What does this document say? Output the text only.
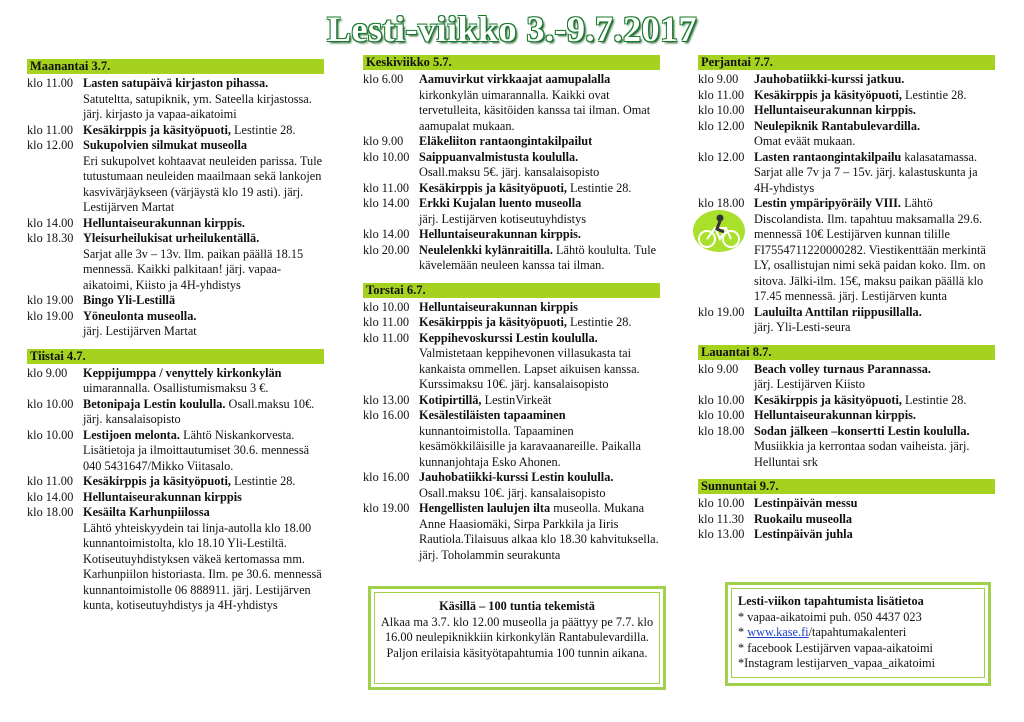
Lesti-viikko 3.-9.7.2017
Maanantai 3.7.
klo 11.00 Lasten satupäivä kirjaston pihassa.
Satuteltta, satupiknik, ym. Sateella kirjastossa. järj. kirjasto ja vapaa-aikatoimi
klo 11.00 Kesäkirppis ja käsityöpuoti, Lestintie 28.
klo 12.00 Sukupolvien silmukat museolla
Eri sukupolvet kohtaavat neuleiden parissa. Tule tutustumaan neuleiden maailmaan sekä lankojen kasvivärjäykseen (värjäystä klo 19 asti). järj. Lestijärven Martat
klo 14.00 Helluntaiseurakunnan kirppis.
klo 18.30 Yleisurheilukisat urheilukentällä.
Sarjat alle 3v – 13v. Ilm. paikan päällä 18.15 mennessä. Kaikki palkitaan! järj. vapaa-aikatoimi, Kiisto ja 4H-yhdistys
klo 19.00 Bingo Yli-Lestillä
klo 19.00 Yöneulonta museolla.
järj. Lestijärven Martat
Tiistai 4.7.
klo 9.00	Keppijumppa / venyttely kirkonkylän
uimarannalla. Osallistumismaksu 3 €.
klo 10.00 Betonipaja Lestin koululla. Osall.maksu 10€. järj. kansalaisopisto
klo 10.00 Lestijoen melonta. Lähtö Niskankorvesta. Lisätietoja ja ilmoittautumiset 30.6. mennessä 040 5431647/Mikko Viitasalo.
klo 11.00 Kesäkirppis ja käsityöpuoti, Lestintie 28.
klo 14.00 Helluntaiseurakunnan kirppis
klo 18.00 Kesäilta Karhunpiilossa
Lähtö yhteiskyydein tai linja-autolla klo 18.00 kunnantoimistolta, klo 18.10 Yli-Lestiltä. Kotiseutuyhdistyksen väkeä kertomassa mm. Karhunpiilon historiasta. Ilm. pe 30.6. mennessä kunnantoimistolle 06 888911. järj. Lestijärven kunta, kotiseutuyhdistys ja 4H-yhdistys
Keskiviikko 5.7.
klo 6.00	Aamuvirkut virkkaajat aamupalalla
kirkonkylän uimarannalla. Kaikki ovat tervetulleita, käsitöiden kanssa tai ilman. Omat aamupalat mukaan.
klo 9.00	Eläkeliiton rantaongintakilpailut
klo 10.00 Saippuanvalmistusta koululla.
Osall.maksu 5€. järj. kansalaisopisto
klo 11.00 Kesäkirppis ja käsityöpuoti, Lestintie 28.
klo 14.00 Erkki Kujalan luento museolla
järj. Lestijärven kotiseutuyhdistys
klo 14.00 Helluntaiseurakunnan kirppis.
klo 20.00 Neulelenkki kylänraitilla. Lähtö koululta. Tule kävelemään neuleen kanssa tai ilman.
Torstai 6.7.
klo 10.00 Helluntaiseurakunnan kirppis
klo 11.00 Kesäkirppis ja käsityöpuoti, Lestintie 28.
klo 11.00 Keppihevoskurssi Lestin koululla.
Valmistetaan keppihevonen villasukasta tai kankaista ommellen. Lapset aikuisen kanssa. Kurssimaksu 10€. järj. kansalaisopisto
klo 13.00 Kotipirtillä, LestinVirkeät
klo 16.00 Kesälestiläisten tapaaminen kunnantoimistolla. Tapaaminen kesämökkiläisille ja karavaanareille. Paikalla kunnanjohtaja Esko Ahonen.
klo 16.00 Jauhobatiikki-kurssi Lestin koululla.
Osall.maksu 10€. järj. kansalaisopisto
klo 19.00 Hengellisten laulujen ilta museolla. Mukana Anne Haasiomäki, Sirpa Parkkila ja Iiris Rautiola.Tilaisuus alkaa klo 18.30 kahvituksella. järj. Toholammin seurakunta
Perjantai 7.7.
klo 9.00	Jauhobatiikki-kurssi jatkuu.
klo 11.00 Kesäkirppis ja käsityöpuoti, Lestintie 28.
klo 10.00 Helluntaiseurakunnan kirppis.
klo 12.00 Neulepiknik Rantabulevardilla.
Omat eväät mukaan.
klo 12.00 Lasten rantaongintakilpailu kalasatamassa. Sarjat alle 7v ja 7 – 15v. järj. kalastuskunta ja 4H-yhdistys
klo 18.00 Lestin ympäripyöräily VIII. Lähtö Discolandista. Ilm. tapahtuu maksamalla 29.6. mennessä 10€ Lestijärven kunnan tilille FI7554711220000282. Viestikenttään merkintä LY, osallistujan nimi sekä paidan koko. Ilm. on sitova. Jälki-ilm. 15€, maksu paikan päällä klo 17.45 mennessä. järj. Lestijärven kunta
klo 19.00 Lauluilta Anttilan riippusillalla.
järj. Yli-Lesti-seura
Lauantai 8.7.
klo 9.00	Beach volley turnaus Parannassa.
järj. Lestijärven Kiisto
klo 10.00 Kesäkirppis ja käsityöpuoti, Lestintie 28.
klo 10.00 Helluntaiseurakunnan kirppis.
klo 18.00 Sodan jälkeen –konsertti Lestin koululla.
Musiikkia ja kerrontaa sodan vaiheista. järj. Helluntai srk
Sunnuntai 9.7.
klo 10.00 Lestinpäivän messu
klo 11.30 Ruokailu museolla
klo 13.00 Lestinpäivän juhla
Käsillä – 100 tuntia tekemistä
Alkaa ma 3.7. klo 12.00 museolla ja päättyy pe 7.7. klo 16.00 neulepiknikkiin kirkonkylän Rantabulevardilla. Paljon erilaisia käsityötapahtumia 100 tunnin aikana.
Lesti-viikon tapahtumista lisätietoa
* vapaa-aikatoimi puh. 050 4437 023
* www.kase.fi/tapahtumakalenteri
* facebook Lestijärven vapaa-aikatoimi
*Instagram lestijarven_vapaa_aikatoimi
